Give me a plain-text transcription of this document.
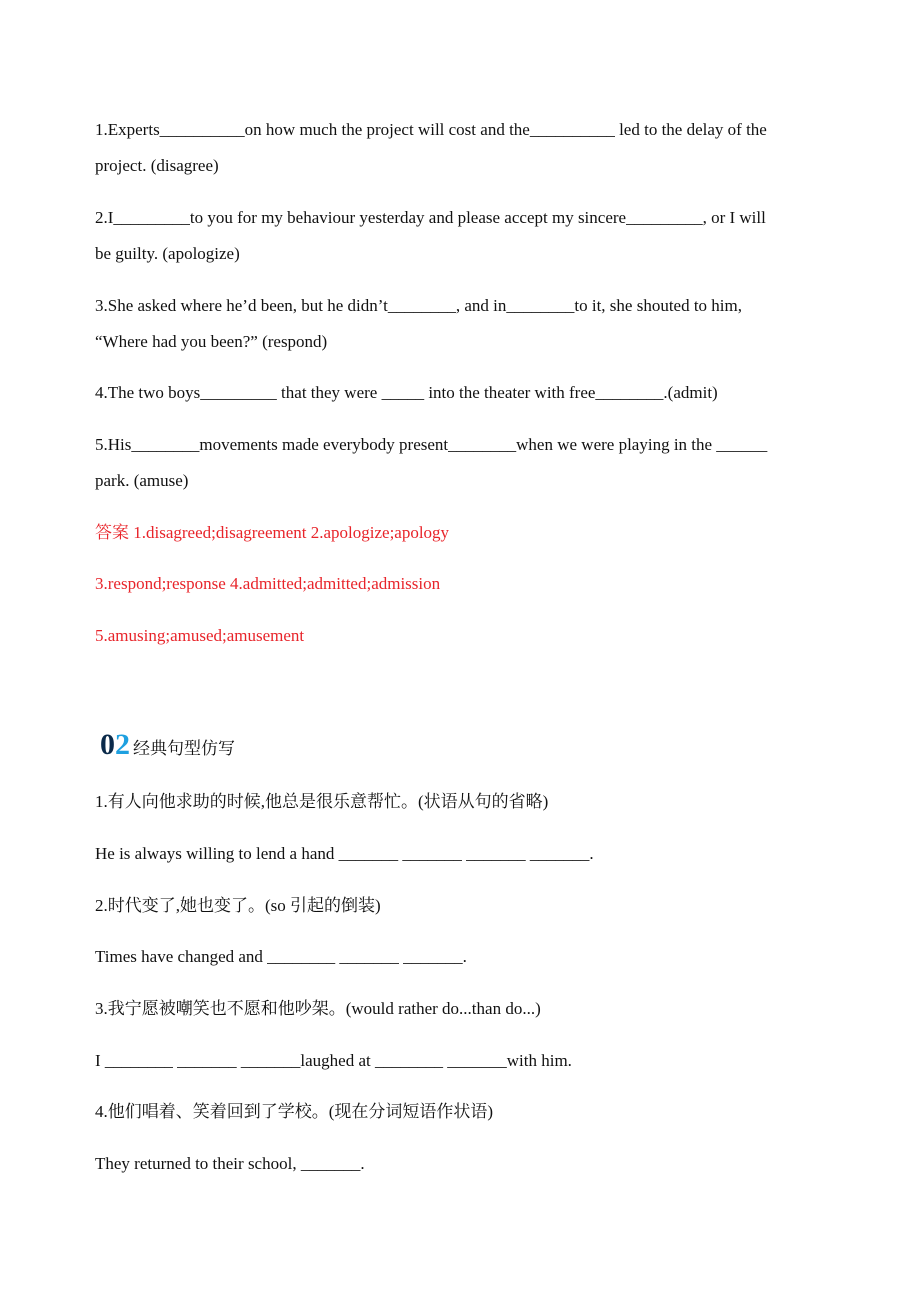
1.Experts__________on how much the project will cost and the__________ led to the delay of the
project. (disagree)
2.I_________to you for my behaviour yesterday and please accept my sincere_________, or I will
be guilty. (apologize)
3.She asked where he’d been, but he didn’t________, and in________to it, she shouted to him,
“Where had you been?” (respond)
4.The two boys_________ that they were _____ into the theater with free________.(admit)
5.His________movements made everybody present________when we were playing in the ______
park. (amuse)
答案 1.disagreed;disagreement 2.apologize;apology
3.respond;response 4.admitted;admitted;admission
5.amusing;amused;amusement
0 2 经典句型仿写
1.有人向他求助的时候,他总是很乐意帮忙。(状语从句的省略)
He is always willing to lend a hand _______ _______ _______ _______.
2.时代变了,她也变了。(so 引起的倒装)
Times have changed and ________ _______ _______.
3.我宁愿被嘲笑也不愿和他吵架。(would rather do...than do...)
I ________ _______ _______laughed at ________ _______with him.
4.他们唱着、笑着回到了学校。(现在分词短语作状语)
They returned to their school, _______.
